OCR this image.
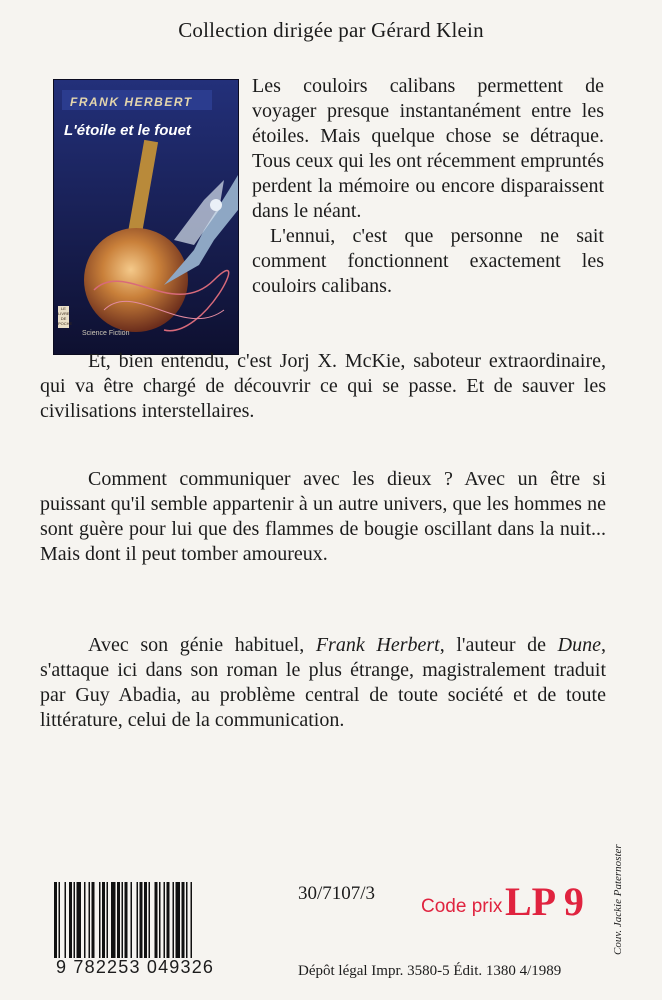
Collection dirigée par Gérard Klein
FRANK HERBERT
L'étoile et le fouet
LE LIVRE DE POCHE
Science Fiction

Les couloirs calibans permettent de voyager presque instantanément entre les étoiles. Mais quelque chose se détraque. Tous ceux qui les ont récemment empruntés perdent la mémoire ou encore disparaissent dans le néant.

L'ennui, c'est que personne ne sait comment fonctionnent exactement les couloirs calibans.

Et, bien entendu, c'est Jorj X. McKie, saboteur extraordinaire, qui va être chargé de découvrir ce qui se passe. Et de sauver les civilisations interstellaires.

Comment communiquer avec les dieux ? Avec un être si puissant qu'il semble appartenir à un autre univers, que les hommes ne sont guère pour lui que des flammes de bougie oscillant dans la nuit... Mais dont il peut tomber amoureux.

Avec son génie habituel, Frank Herbert, l'auteur de Dune, s'attaque ici dans son roman le plus étrange, magistralement traduit par Guy Abadia, au problème central de toute société et de toute littérature, celui de la communication.

9 782253 049326
30/7107/3
Code prix LP 9
Dépôt légal Impr. 3580-5 Édit. 1380 4/1989
Couv. Jackie Paternoster
